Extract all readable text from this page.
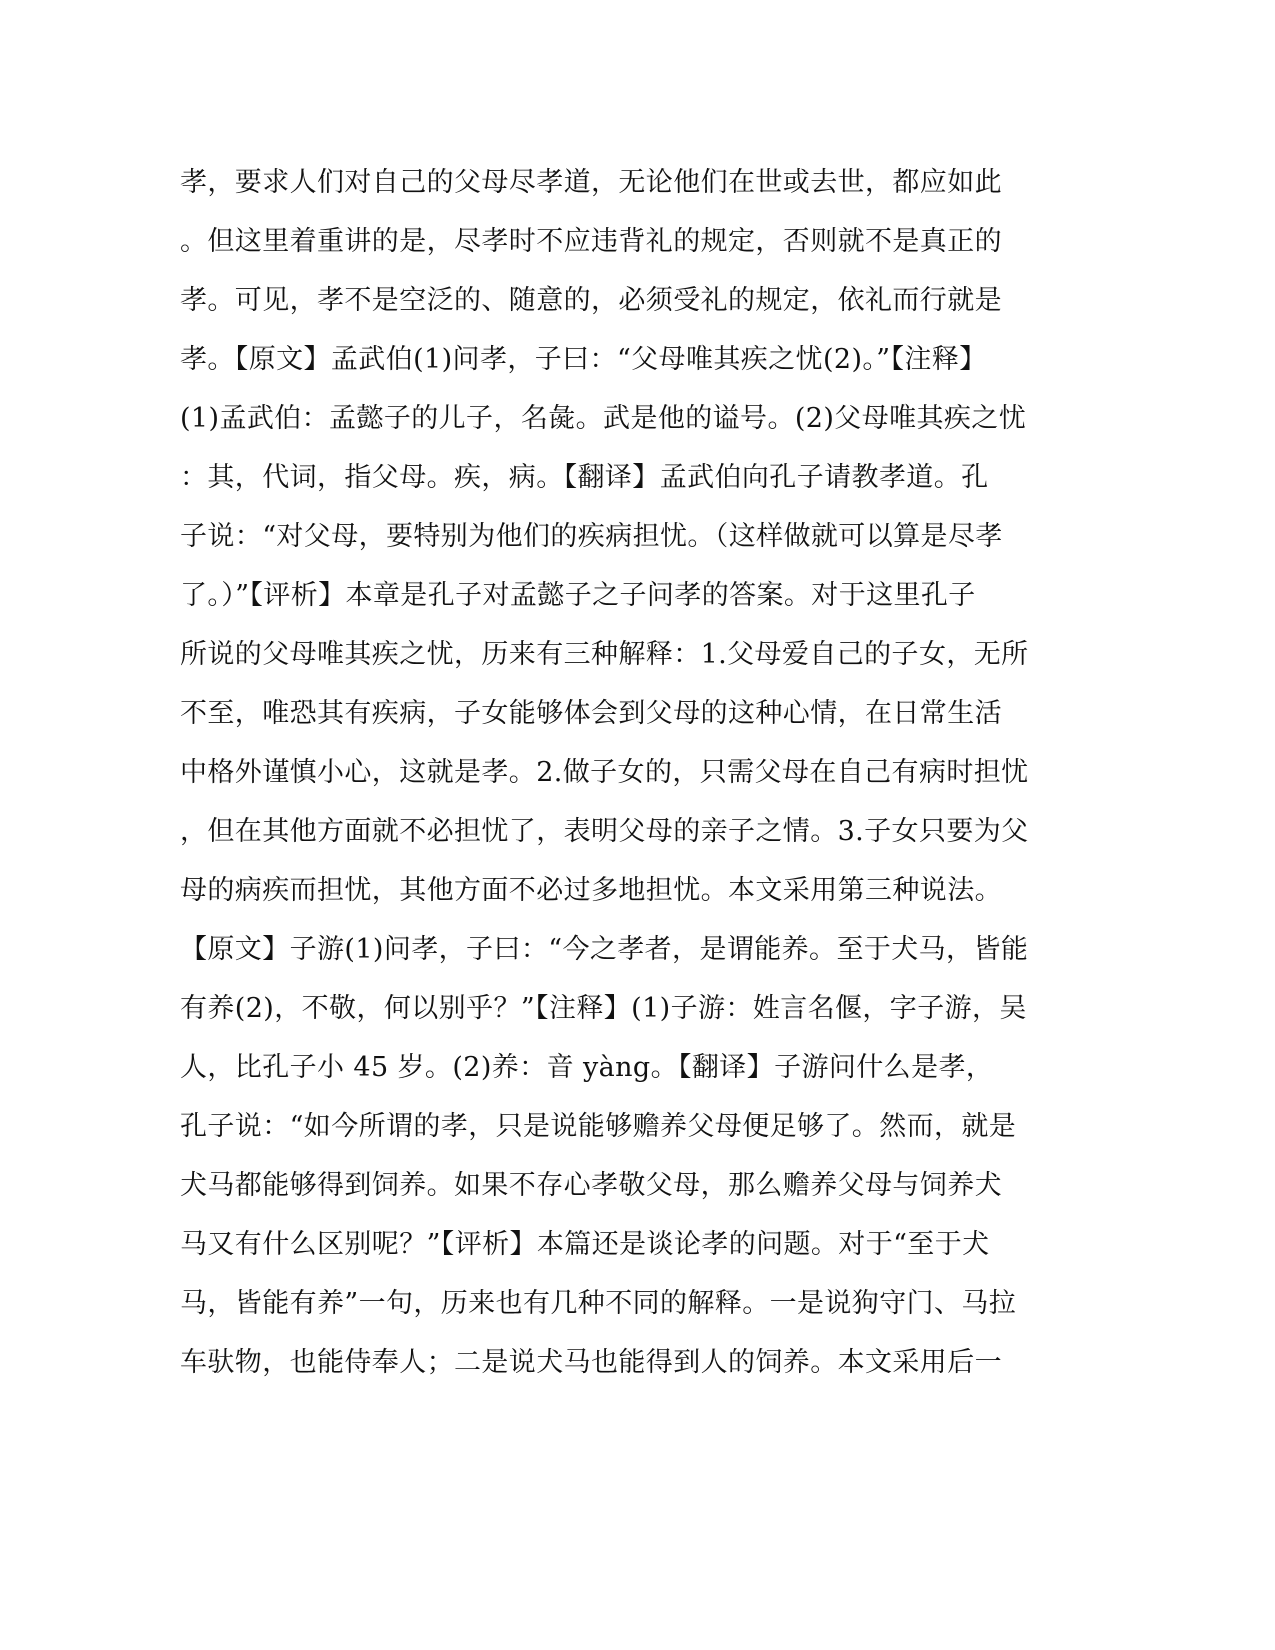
孝，要求人们对自己的父母尽孝道，无论他们在世或去世，都应如此
。但这里着重讲的是，尽孝时不应违背礼的规定，否则就不是真正的
孝。可见，孝不是空泛的、随意的，必须受礼的规定，依礼而行就是
孝。【原文】孟武伯(1)问孝，子曰：“父母唯其疾之忧(2)。”【注释】
(1)孟武伯：孟懿子的儿子，名彘。武是他的谥号。(2)父母唯其疾之忧
：其，代词，指父母。疾，病。【翻译】孟武伯向孔子请教孝道。孔
子说：“对父母，要特别为他们的疾病担忧。（这样做就可以算是尽孝
了。）”【评析】本章是孔子对孟懿子之子问孝的答案。对于这里孔子
所说的父母唯其疾之忧，历来有三种解释：1.父母爱自己的子女，无所
不至，唯恐其有疾病，子女能够体会到父母的这种心情，在日常生活
中格外谨慎小心，这就是孝。2.做子女的，只需父母在自己有病时担忧
，但在其他方面就不必担忧了，表明父母的亲子之情。3.子女只要为父
母的病疾而担忧，其他方面不必过多地担忧。本文采用第三种说法。
【原文】子游(1)问孝，子曰：“今之孝者，是谓能养。至于犬马，皆能
有养(2)，不敬，何以别乎？”【注释】(1)子游：姓言名偃，字子游，吴
人，比孔子小 45 岁。(2)养：音 yàng。【翻译】子游问什么是孝，
孔子说：“如今所谓的孝，只是说能够赡养父母便足够了。然而，就是
犬马都能够得到饲养。如果不存心孝敬父母，那么赡养父母与饲养犬
马又有什么区别呢？”【评析】本篇还是谈论孝的问题。对于“至于犬
马，皆能有养”一句，历来也有几种不同的解释。一是说狗守门、马拉
车驮物，也能侍奉人；二是说犬马也能得到人的饲养。本文采用后一
